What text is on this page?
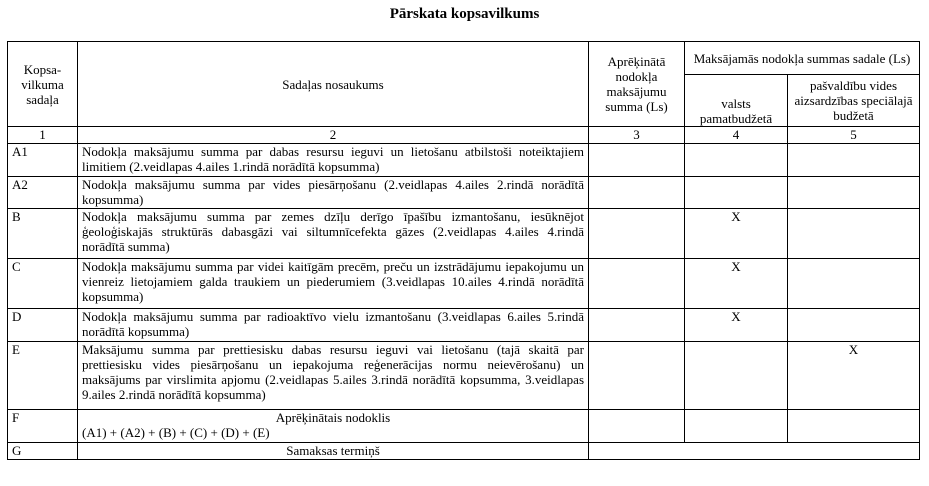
Pārskata kopsavilkums
Kopsa-vilkuma sadaļa	Sadaļas nosaukums	Aprēķinātā nodokļa maksājumu summa (Ls)	Maksājamās nodokļa summas sadale (Ls)	
			valsts pamatbudžetā	pašvaldību vides aizsardzības speciālajā budžetā
1	2	3	4	5
A1	Nodokļa maksājumu summa par dabas resursu ieguvi un lietošanu atbilstoši noteiktajiem limitiem (2.veidlapas 4.ailes 1.rindā norādītā kopsumma)			
A2	Nodokļa maksājumu summa par vides piesārņošanu (2.veidlapas 4.ailes 2.rindā norādītā kopsumma)			
B	Nodokļa maksājumu summa par zemes dzīļu derīgo īpašību izmantošanu, iesūknējot ģeoloģiskajās struktūrās dabasgāzi vai siltumnīcefekta gāzes (2.veidlapas 4.ailes 4.rindā norādītā summa)		X	
C	Nodokļa maksājumu summa par videi kaitīgām precēm, preču un izstrādājumu iepakojumu un vienreiz lietojamiem galda traukiem un piederumiem (3.veidlapas 10.ailes 4.rindā norādītā kopsumma)		X	
D	Nodokļa maksājumu summa par radioaktīvo vielu izmantošanu (3.veidlapas 6.ailes 5.rindā norādītā kopsumma)		X	
E	Maksājumu summa par prettiesisku dabas resursu ieguvi vai lietošanu (tajā skaitā par prettiesisku vides piesārņošanu un iepakojuma reģenerācijas normu neievērošanu) un maksājums par virslimita apjomu (2.veidlapas 5.ailes 3.rindā norādītā kopsumma, 3.veidlapas 9.ailes 2.rindā norādītā kopsumma)			X
F	Aprēķinātais nodoklis
(A1) + (A2) + (B) + (C) + (D) + (E)			

G	Samaksas termiņš			
